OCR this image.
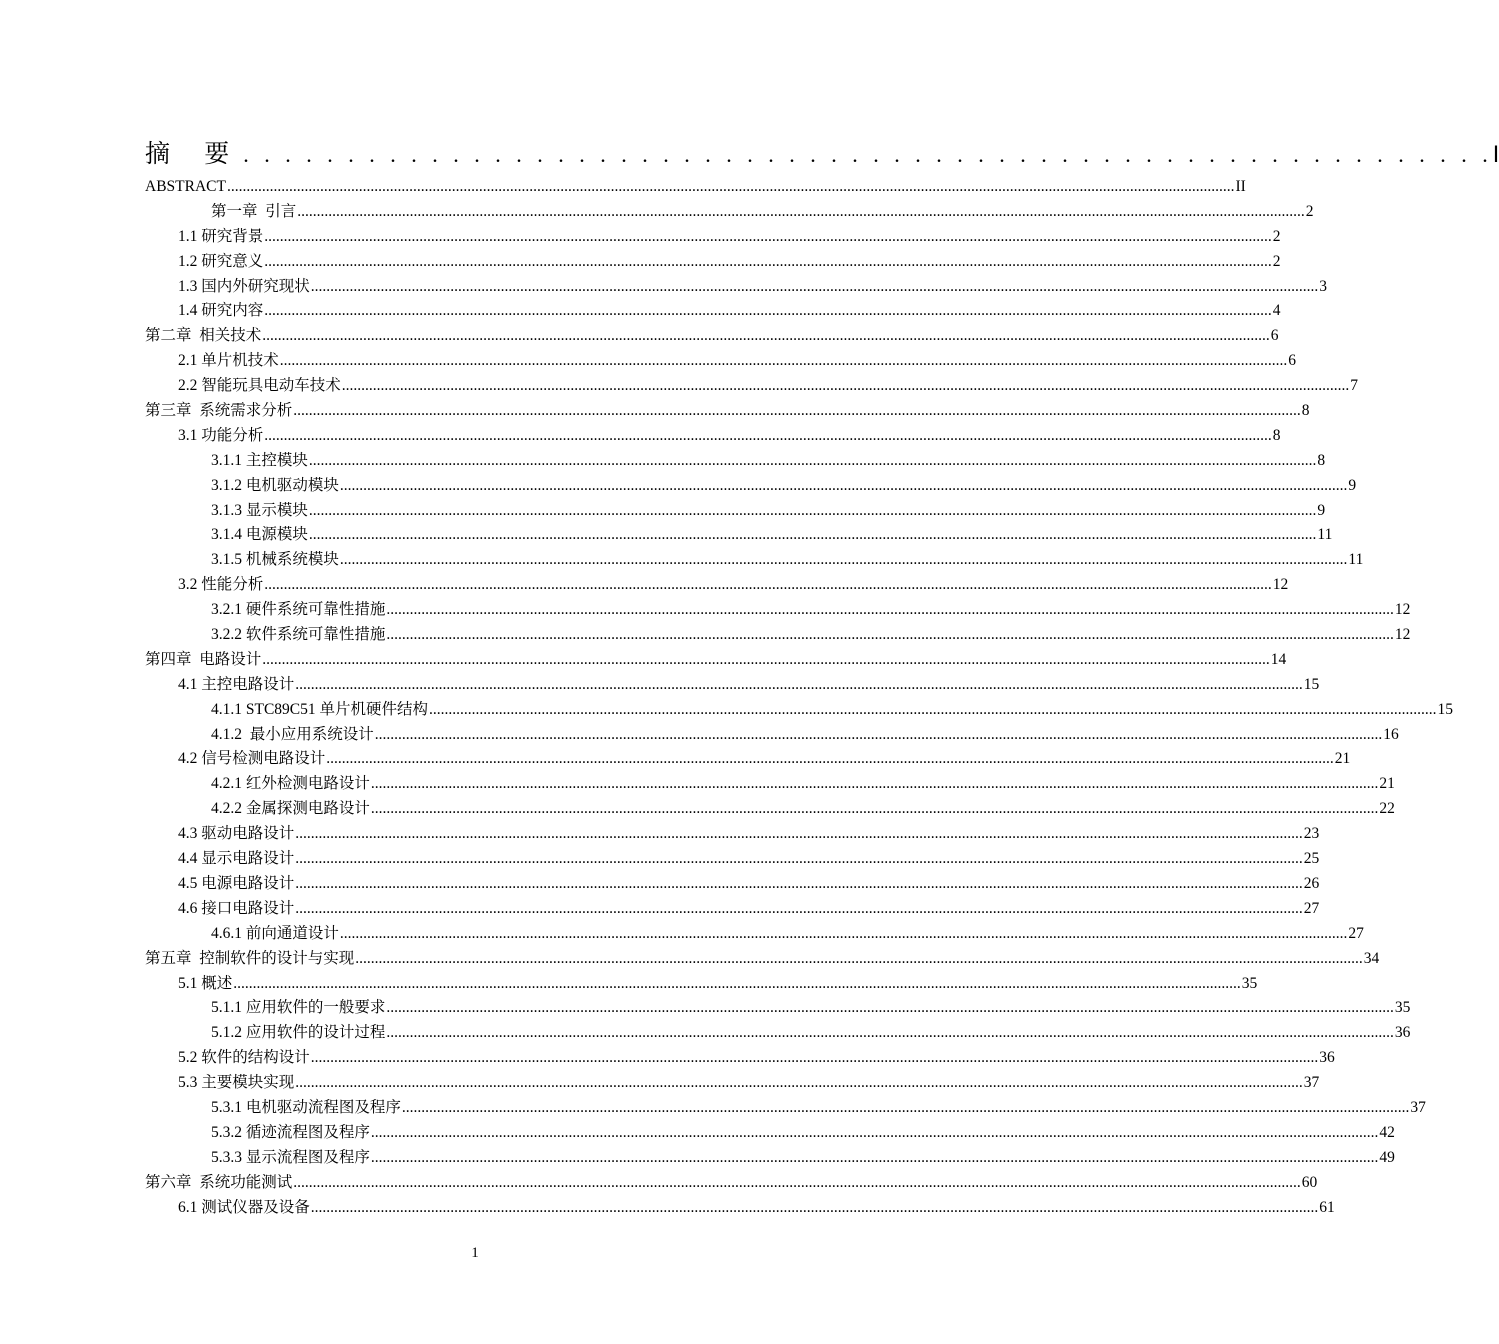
摘 要 . . . . . . . . . . . . . . . . . . . . . . . . . . . . . . . . . . . . . . . . . . . . . . . . . . . . . . . . . . . . I
ABSTRACT .................................................................................................................................................................................................................................................................... II
第一章  引言 .................................................................................................................................................................................................................................................................... 2
1.1 研究背景 .................................................................................................................................................................................................................................................................... 2
1.2 研究意义 .................................................................................................................................................................................................................................................................... 2
1.3 国内外研究现状 .................................................................................................................................................................................................................................................................... 3
1.4 研究内容 .................................................................................................................................................................................................................................................................... 4
第二章  相关技术 .................................................................................................................................................................................................................................................................... 6
2.1 单片机技术 .................................................................................................................................................................................................................................................................... 6
2.2 智能玩具电动车技术 .................................................................................................................................................................................................................................................................... 7
第三章  系统需求分析 .................................................................................................................................................................................................................................................................... 8
3.1 功能分析 .................................................................................................................................................................................................................................................................... 8
3.1.1 主控模块 .................................................................................................................................................................................................................................................................... 8
3.1.2 电机驱动模块 .................................................................................................................................................................................................................................................................... 9
3.1.3 显示模块 .................................................................................................................................................................................................................................................................... 9
3.1.4 电源模块 .................................................................................................................................................................................................................................................................... 11
3.1.5 机械系统模块 .................................................................................................................................................................................................................................................................... 11
3.2 性能分析 .................................................................................................................................................................................................................................................................... 12
3.2.1 硬件系统可靠性措施 .................................................................................................................................................................................................................................................................... 12
3.2.2 软件系统可靠性措施 .................................................................................................................................................................................................................................................................... 12
第四章  电路设计 .................................................................................................................................................................................................................................................................... 14
4.1 主控电路设计 .................................................................................................................................................................................................................................................................... 15
4.1.1 STC89C51 单片机硬件结构 .................................................................................................................................................................................................................................................................... 15
4.1.2  最小应用系统设计 .................................................................................................................................................................................................................................................................... 16
4.2 信号检测电路设计 .................................................................................................................................................................................................................................................................... 21
4.2.1 红外检测电路设计 .................................................................................................................................................................................................................................................................... 21
4.2.2 金属探测电路设计 .................................................................................................................................................................................................................................................................... 22
4.3 驱动电路设计 .................................................................................................................................................................................................................................................................... 23
4.4 显示电路设计 .................................................................................................................................................................................................................................................................... 25
4.5 电源电路设计 .................................................................................................................................................................................................................................................................... 26
4.6 接口电路设计 .................................................................................................................................................................................................................................................................... 27
4.6.1 前向通道设计 .................................................................................................................................................................................................................................................................... 27
第五章  控制软件的设计与实现 .................................................................................................................................................................................................................................................................... 34
5.1 概述 .................................................................................................................................................................................................................................................................... 35
5.1.1 应用软件的一般要求 .................................................................................................................................................................................................................................................................... 35
5.1.2 应用软件的设计过程 .................................................................................................................................................................................................................................................................... 36
5.2 软件的结构设计 .................................................................................................................................................................................................................................................................... 36
5.3 主要模块实现 .................................................................................................................................................................................................................................................................... 37
5.3.1 电机驱动流程图及程序 .................................................................................................................................................................................................................................................................... 37
5.3.2 循迹流程图及程序 .................................................................................................................................................................................................................................................................... 42
5.3.3 显示流程图及程序 .................................................................................................................................................................................................................................................................... 49
第六章  系统功能测试 .................................................................................................................................................................................................................................................................... 60
6.1 测试仪器及设备 .................................................................................................................................................................................................................................................................... 61
1
